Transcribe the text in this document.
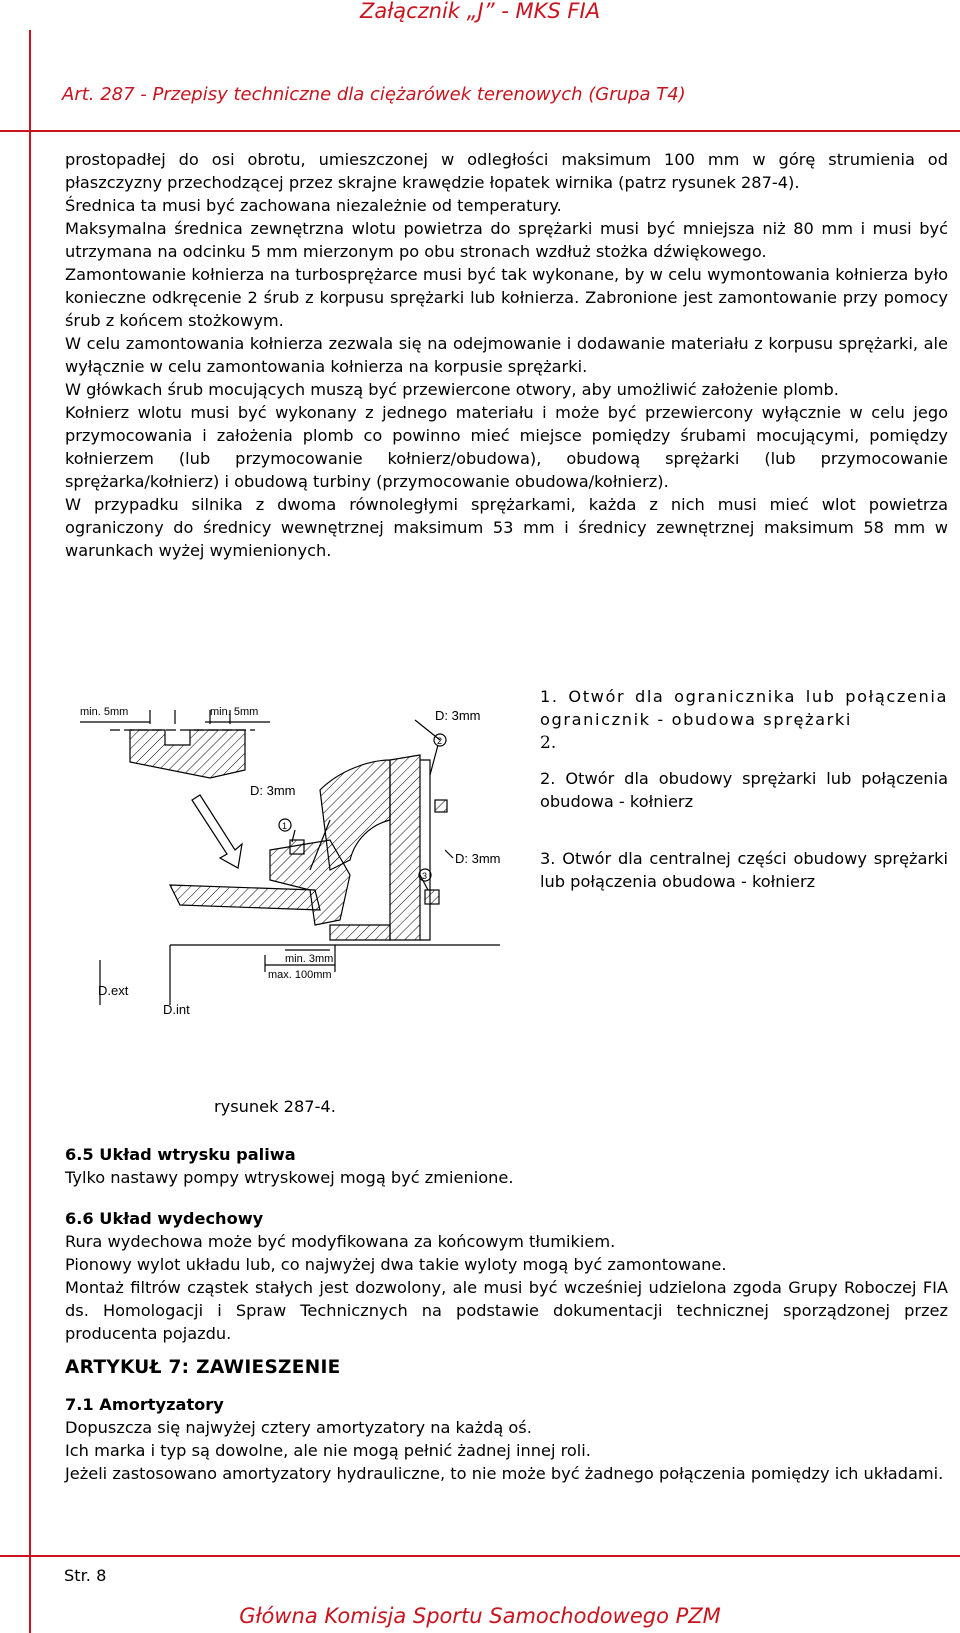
Załącznik „J” - MKS FIA
Art. 287 - Przepisy techniczne dla ciężarówek terenowych (Grupa T4)

prostopadłej do osi obrotu, umieszczonej w odległości maksimum 100 mm w górę strumienia od płaszczyzny przechodzącej przez skrajne krawędzie łopatek wirnika (patrz rysunek 287-4).

Średnica ta musi być zachowana niezależnie od temperatury.

Maksymalna średnica zewnętrzna wlotu powietrza do sprężarki musi być mniejsza niż 80 mm i musi być utrzymana na odcinku 5 mm mierzonym po obu stronach wzdłuż stożka dźwiękowego.

Zamontowanie kołnierza na turbosprężarce musi być tak wykonane, by w celu wymontowania kołnierza było konieczne odkręcenie 2 śrub z korpusu sprężarki lub kołnierza. Zabronione jest zamontowanie przy pomocy śrub z końcem stożkowym.

W celu zamontowania kołnierza zezwala się na odejmowanie i dodawanie materiału z korpusu sprężarki, ale wyłącznie w celu zamontowania kołnierza na korpusie sprężarki.

W główkach śrub mocujących muszą być przewiercone otwory, aby umożliwić założenie plomb.

Kołnierz wlotu musi być wykonany z jednego materiału i może być przewiercony wyłącznie w celu jego przymocowania i założenia plomb co powinno mieć miejsce pomiędzy śrubami mocującymi, pomiędzy kołnierzem (lub przymocowanie kołnierz/obudowa), obudową sprężarki (lub przymocowanie sprężarka/kołnierz) i obudową turbiny (przymocowanie obudowa/kołnierz).

W przypadku silnika z dwoma równoległymi sprężarkami, każda z nich musi mieć wlot powietrza ograniczony do średnicy wewnętrznej maksimum 53 mm i średnicy zewnętrznej maksimum 58 mm w warunkach wyżej wymienionych.

min. 5mm	min. 5mm	D: 3mm
D: 3mm
D: 3mm
min. 3mm
max. 100mm
D.ext
D.int
1
2
3

1. Otwór dla ogranicznika lub połączenia ogranicznik - obudowa sprężarki

2.

2. Otwór dla obudowy sprężarki lub połączenia obudowa - kołnierz

3. Otwór dla centralnej części obudowy sprężarki lub połączenia obudowa - kołnierz

rysunek 287-4.
6.5 Układ wtrysku paliwa

Tylko nastawy pompy wtryskowej mogą być zmienione.

6.6 Układ wydechowy

Rura wydechowa może być modyfikowana za końcowym tłumikiem.

Pionowy wylot układu lub, co najwyżej dwa takie wyloty mogą być zamontowane.

Montaż filtrów cząstek stałych jest dozwolony, ale musi być wcześniej udzielona zgoda Grupy Roboczej FIA ds. Homologacji i Spraw Technicznych na podstawie dokumentacji technicznej sporządzonej przez producenta pojazdu.

ARTYKUŁ 7: ZAWIESZENIE
7.1 Amortyzatory

Dopuszcza się najwyżej cztery amortyzatory na każdą oś.

Ich marka i typ są dowolne, ale nie mogą pełnić żadnej innej roli.

Jeżeli zastosowano amortyzatory hydrauliczne, to nie może być żadnego połączenia pomiędzy ich układami.

Str. 8
Główna Komisja Sportu Samochodowego PZM
